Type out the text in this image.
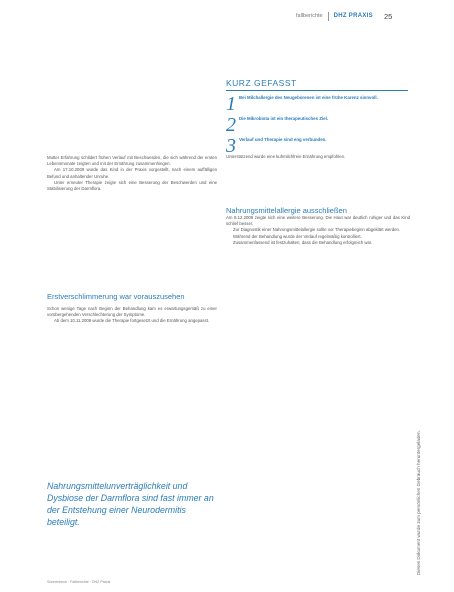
fallberichte DHZ PRAXIS 25
KURZ GEFASST
1 Bei Milchallergie des Neugeborenen ist eine frühe Karenz sinnvoll.
2 Die Mikrobiota ist ein therapeutisches Ziel.
3 Verlauf und Therapie sind eng verbunden.

Mutter Erfahrung schildert frühen Verlauf mit Beschwerden, die sich während der ersten Lebensmonate zeigten und mit der Ernährung zusammenhingen.

Am 17.10.2009 wurde das Kind in der Praxis vorgestellt, nach einem auffälligen Befund und anhaltender Unruhe.

Unter erneuter Therapie zeigte sich eine Besserung der Beschwerden und eine Stabilisierung der Darmflora.

Erstverschlimmerung war vorauszusehen

Schon wenige Tage nach Beginn der Behandlung kam es erwartungsgemäß zu einer vorübergehenden Verschlechterung der Symptome.

Ab dem 10.11.2009 wurde die Therapie fortgesetzt und die Ernährung angepasst.

Nahrungsmittelunverträglichkeit und Dysbiose der Darmflora sind fast immer an der Entstehung einer Neurodermitis beteiligt.

Unterstützend wurde eine kuhmilchfreie Ernährung empfohlen.

Nahrungsmittelallergie ausschließen

Am 8.12.2009 zeigte sich eine weitere Besserung. Die Haut war deutlich ruhiger und das Kind schlief besser.

Zur Diagnostik einer Nahrungsmittelallergie sollte vor Therapiebeginn abgeklärt werden.

Während der Behandlung wurde der Verlauf regelmäßig kontrolliert.

Zusammenfassend ist festzuhalten, dass die Behandlung erfolgreich war.

Sonnenbeck · Fallberichte · DHZ Praxis
Dieses Dokument wurde zum persönlichen Gebrauch heruntergeladen.
